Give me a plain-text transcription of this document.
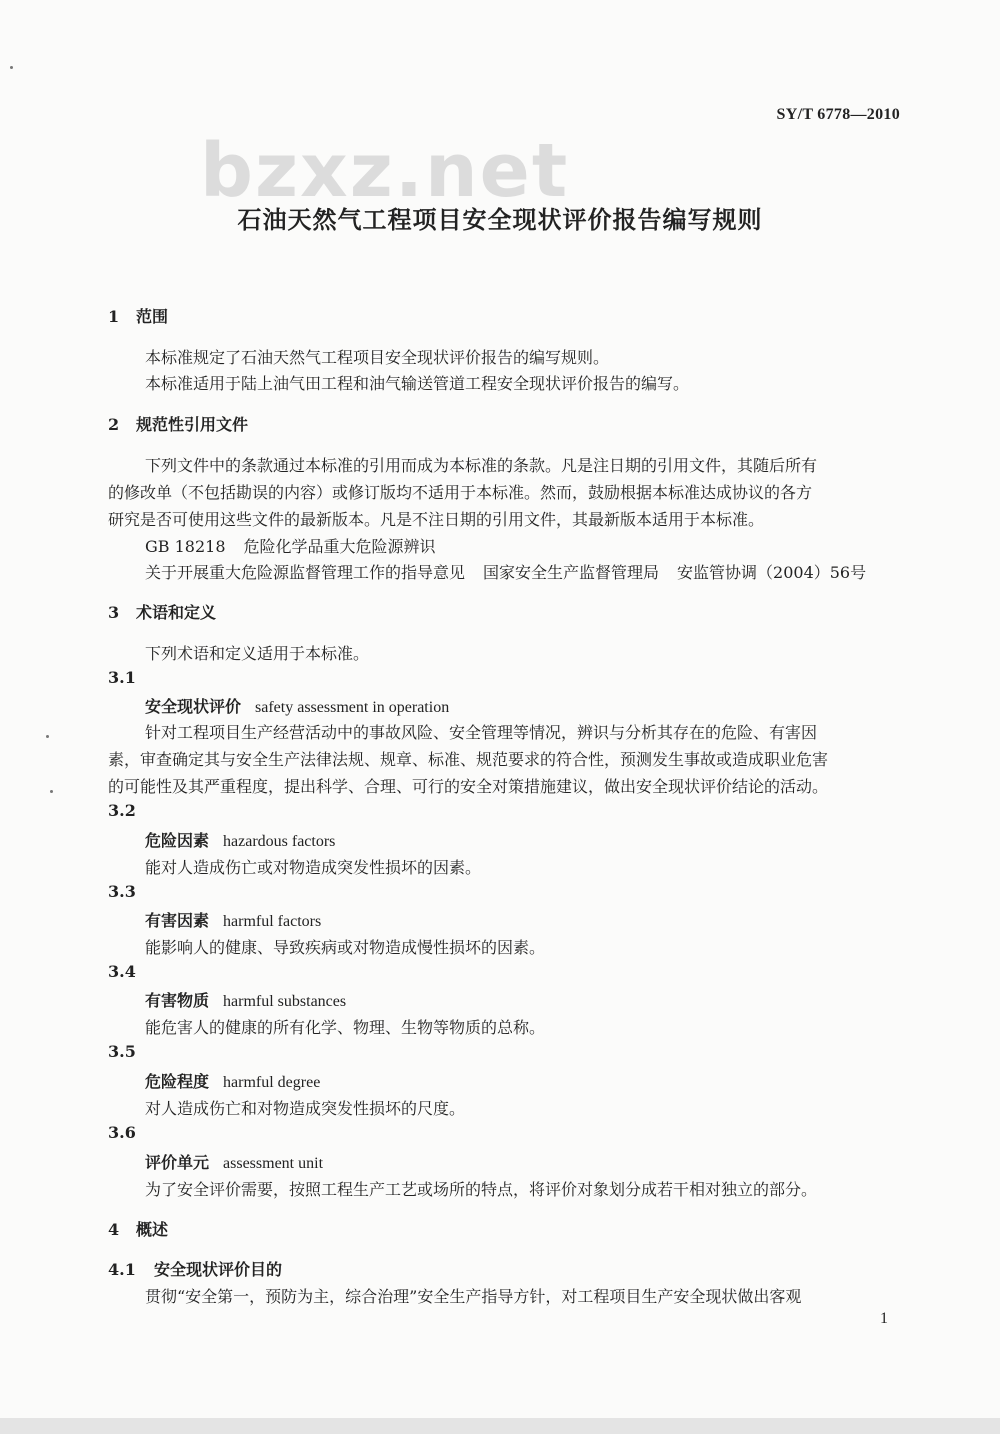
SY/T 6778—2010
bzxz.net
石油天然气工程项目安全现状评价报告编写规则
1 范围
本标准规定了石油天然气工程项目安全现状评价报告的编写规则。
本标准适用于陆上油气田工程和油气输送管道工程安全现状评价报告的编写。
2 规范性引用文件
下列文件中的条款通过本标准的引用而成为本标准的条款。凡是注日期的引用文件，其随后所有
的修改单（不包括勘误的内容）或修订版均不适用于本标准。然而，鼓励根据本标准达成协议的各方
研究是否可使用这些文件的最新版本。凡是不注日期的引用文件，其最新版本适用于本标准。
GB 18218 危险化学品重大危险源辨识
关于开展重大危险源监督管理工作的指导意见 国家安全生产监督管理局 安监管协调（2004）56号
3 术语和定义
下列术语和定义适用于本标准。
3.1
安全现状评价 safety assessment in operation
针对工程项目生产经营活动中的事故风险、安全管理等情况，辨识与分析其存在的危险、有害因
素，审查确定其与安全生产法律法规、规章、标准、规范要求的符合性，预测发生事故或造成职业危害
的可能性及其严重程度，提出科学、合理、可行的安全对策措施建议，做出安全现状评价结论的活动。
3.2
危险因素 hazardous factors
能对人造成伤亡或对物造成突发性损坏的因素。
3.3
有害因素 harmful factors
能影响人的健康、导致疾病或对物造成慢性损坏的因素。
3.4
有害物质 harmful substances
能危害人的健康的所有化学、物理、生物等物质的总称。
3.5
危险程度 harmful degree
对人造成伤亡和对物造成突发性损坏的尺度。
3.6
评价单元 assessment unit
为了安全评价需要，按照工程生产工艺或场所的特点，将评价对象划分成若干相对独立的部分。
4 概述
4.1 安全现状评价目的
贯彻“安全第一，预防为主，综合治理”安全生产指导方针，对工程项目生产安全现状做出客观
1
